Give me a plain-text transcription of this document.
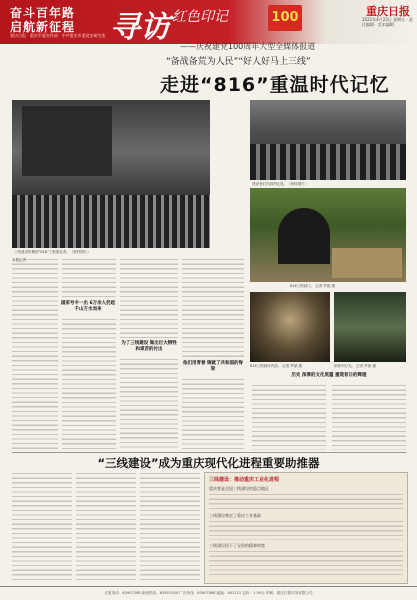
奋斗百年路
启航新征程
重庆日报 · 重庆市委宣传部 · 中共重庆市委党史研究室 寻访 红色印记	100	重庆日报
2021年4月23日 星期五 · 责任编辑 · 美术编辑
——庆祝建党100周年大型全媒体报道
“备战备荒为人民”“好人好马上三线”
走进“816”重温时代记忆
三线建设时期的“816”工程建设者。（资料图片）
建设者们在洞内吃饭。（资料图片）
816工程洞口。 记者 罗斌 摄
816工程洞体内部。 记者 罗斌 摄	洞体内灯光。 记者 罗斌 摄
本报记者
国家号令一出 6万余人扔起千山万水而来
为了三线建设 做出巨大牺牲和艰苦的付出
他们用青春 铸就了共和国的脊梁
历史 深厚的文化底蕴 重现昔日的辉煌
“三线建设”成为重庆现代化进程重要助推器
三线建设：推动重庆工业化进程
重庆曾是全国三线建设的重点地区
三线建设奠定了重庆工业基础
三线建设留下了宝贵的精神财富
订报电话：63907268 新闻热线：63907000 广告热线：63907888 邮编：401121 定价：1.50元 印刷：重庆日报印务有限公司
